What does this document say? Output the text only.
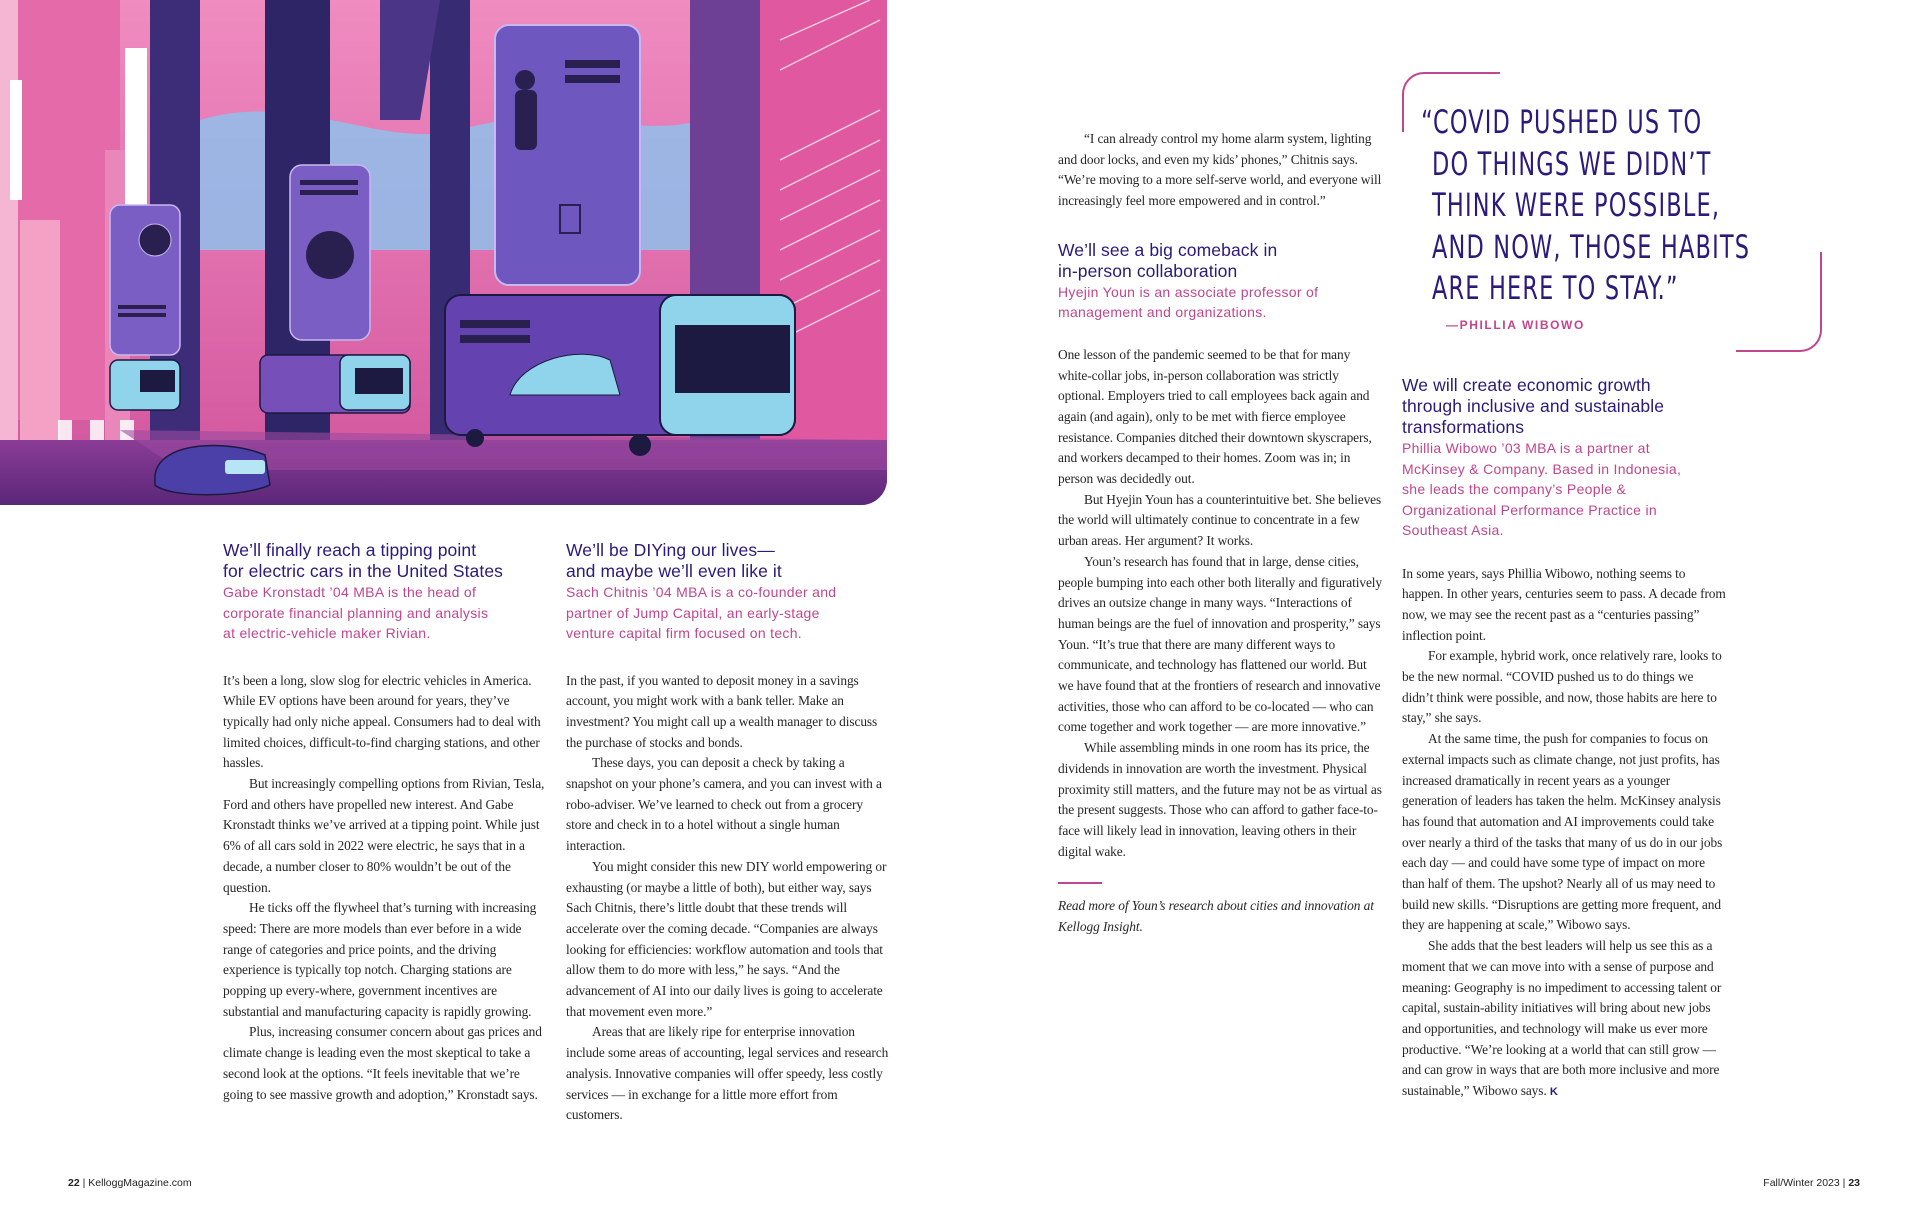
We’ll finally reach a tipping point
for electric cars in the United States
Gabe Kronstadt ’04 MBA is the head of
corporate financial planning and analysis
at electric-vehicle maker Rivian.

It’s been a long, slow slog for electric vehicles in America. While EV options have been around for years, they’ve typically had only niche appeal. Consumers had to deal with limited choices, difficult-to-find charging stations, and other hassles.

But increasingly compelling options from Rivian, Tesla, Ford and others have propelled new interest. And Gabe Kronstadt thinks we’ve arrived at a tipping point. While just 6% of all cars sold in 2022 were electric, he says that in a decade, a number closer to 80% wouldn’t be out of the question.

He ticks off the flywheel that’s turning with increasing speed: There are more models than ever before in a wide range of categories and price points, and the driving experience is typically top notch. Charging stations are popping up every-where, government incentives are substantial and manufacturing capacity is rapidly growing.

Plus, increasing consumer concern about gas prices and climate change is leading even the most skeptical to take a second look at the options. “It feels inevitable that we’re going to see massive growth and adoption,” Kronstadt says.

We’ll be DIYing our lives—
and maybe we’ll even like it
Sach Chitnis ’04 MBA is a co-founder and
partner of Jump Capital, an early-stage
venture capital firm focused on tech.

In the past, if you wanted to deposit money in a savings account, you might work with a bank teller. Make an investment? You might call up a wealth manager to discuss the purchase of stocks and bonds.

These days, you can deposit a check by taking a snapshot on your phone’s camera, and you can invest with a robo-adviser. We’ve learned to check out from a grocery store and check in to a hotel without a single human interaction.

You might consider this new DIY world empowering or exhausting (or maybe a little of both), but either way, says Sach Chitnis, there’s little doubt that these trends will accelerate over the coming decade. “Companies are always looking for efficiencies: workflow automation and tools that allow them to do more with less,” he says. “And the advancement of AI into our daily lives is going to accelerate that movement even more.”

Areas that are likely ripe for enterprise innovation include some areas of accounting, legal services and research analysis. Innovative companies will offer speedy, less costly services — in exchange for a little more effort from customers.

“I can already control my home alarm system, lighting and door locks, and even my kids’ phones,” Chitnis says. “We’re moving to a more self-serve world, and everyone will increasingly feel more empowered and in control.”

We’ll see a big comeback in
in-person collaboration
Hyejin Youn is an associate professor of
management and organizations.

One lesson of the pandemic seemed to be that for many white-collar jobs, in-person collaboration was strictly optional. Employers tried to call employees back again and again (and again), only to be met with fierce employee resistance. Companies ditched their downtown skyscrapers, and workers decamped to their homes. Zoom was in; in person was decidedly out.

But Hyejin Youn has a counterintuitive bet. She believes the world will ultimately continue to concentrate in a few urban areas. Her argument? It works.

Youn’s research has found that in large, dense cities, people bumping into each other both literally and figuratively drives an outsize change in many ways. “Interactions of human beings are the fuel of innovation and prosperity,” says Youn. “It’s true that there are many different ways to communicate, and technology has flattened our world. But we have found that at the frontiers of research and innovative activities, those who can afford to be co-located — who can come together and work together — are more innovative.”

While assembling minds in one room has its price, the dividends in innovation are worth the investment. Physical proximity still matters, and the future may not be as virtual as the present suggests. Those who can afford to gather face-to-face will likely lead in innovation, leaving others in their digital wake.

Read more of Youn’s research about cities and innovation at Kellogg Insight.
“COVID PUSHED US TO
DO THINGS WE DIDN’T
THINK WERE POSSIBLE,
AND NOW, THOSE HABITS
ARE HERE TO STAY.”
—PHILLIA WIBOWO
We will create economic growth
through inclusive and sustainable
transformations
Phillia Wibowo ’03 MBA is a partner at
McKinsey & Company. Based in Indonesia,
she leads the company’s People &
Organizational Performance Practice in
Southeast Asia.

In some years, says Phillia Wibowo, nothing seems to happen. In other years, centuries seem to pass. A decade from now, we may see the recent past as a “centuries passing” inflection point.

For example, hybrid work, once relatively rare, looks to be the new normal. “COVID pushed us to do things we didn’t think were possible, and now, those habits are here to stay,” she says.

At the same time, the push for companies to focus on external impacts such as climate change, not just profits, has increased dramatically in recent years as a younger generation of leaders has taken the helm. McKinsey analysis has found that automation and AI improvements could take over nearly a third of the tasks that many of us do in our jobs each day — and could have some type of impact on more than half of them. The upshot? Nearly all of us may need to build new skills. “Disruptions are getting more frequent, and they are happening at scale,” Wibowo says.

She adds that the best leaders will help us see this as a moment that we can move into with a sense of purpose and meaning: Geography is no impediment to accessing talent or capital, sustain-ability initiatives will bring about new jobs and opportunities, and technology will make us ever more productive. “We’re looking at a world that can still grow — and can grow in ways that are both more inclusive and more sustainable,” Wibowo says. K

22 | KelloggMagazine.com	Fall/Winter 2023 | 23
